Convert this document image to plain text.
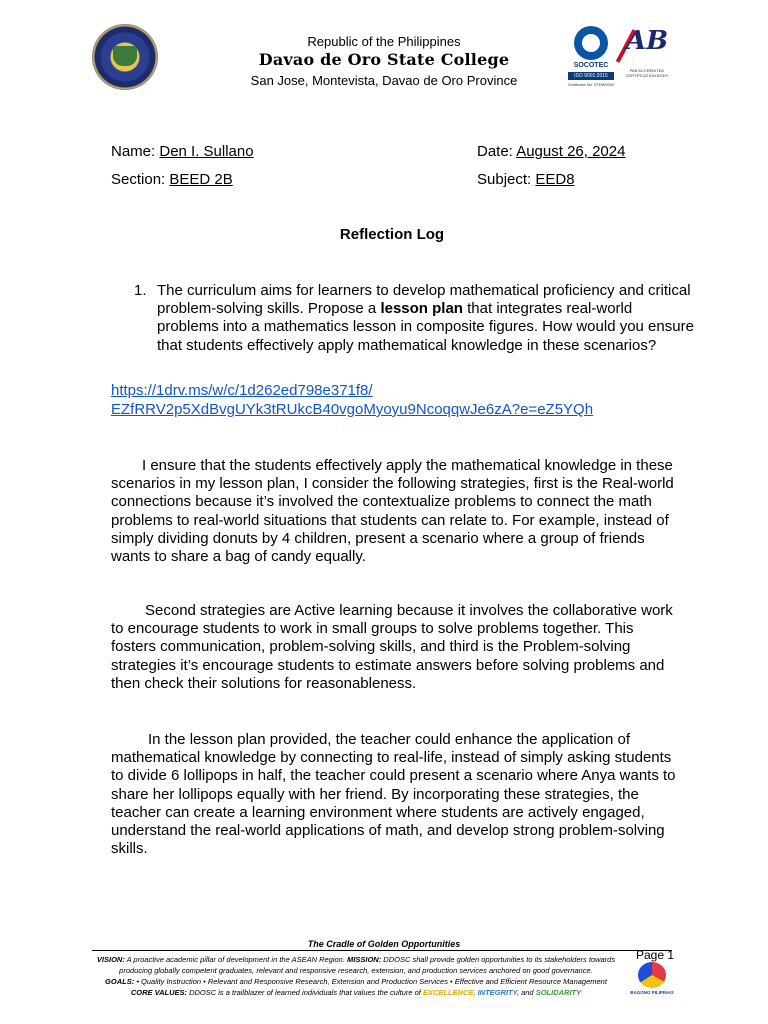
Republic of the Philippines
Davao de Oro State College
San Jose, Montevista, Davao de Oro Province
SOCOTEC
ISO 9001:2015
Certificate No. 9TDW0000
AB
PAB ACCREDITED
CERTIFICATION BODY
Name: Den I. Sullano	Date: August 26, 2024
Section: BEED 2B	Subject: EED8
Reflection Log
1. The curriculum aims for learners to develop mathematical proficiency and critical problem-solving skills. Propose a lesson plan that integrates real-world problems into a mathematics lesson in composite figures. How would you ensure that students effectively apply mathematical knowledge in these scenarios?
https://1drv.ms/w/c/1d262ed798e371f8/
EZfRRV2p5XdBvgUYk3tRUkcB40vgoMyoyu9NcoqqwJe6zA?e=eZ5YQh
I ensure that the students effectively apply the mathematical knowledge in these scenarios in my lesson plan, I consider the following strategies, first is the Real-world connections because it’s involved the contextualize problems to connect the math problems to real-world situations that students can relate to. For example, instead of simply dividing donuts by 4 children, present a scenario where a group of friends wants to share a bag of candy equally.
Second strategies are Active learning because it involves the collaborative work to encourage students to work in small groups to solve problems together. This fosters communication, problem-solving skills, and third is the Problem-solving strategies it’s encourage students to estimate answers before solving problems and then check their solutions for reasonableness.
In the lesson plan provided, the teacher could enhance the application of mathematical knowledge by connecting to real-life, instead of simply asking students to divide 6 lollipops in half, the teacher could present a scenario where Anya wants to share her lollipops equally with her friend. By incorporating these strategies, the teacher can create a learning environment where students are actively engaged, understand the real-world applications of math, and develop strong problem-solving skills.
The Cradle of Golden Opportunities
VISION: A proactive academic pillar of development in the ASEAN Region. MISSION: DDOSC shall provide golden opportunities to its stakeholders towards producing globally competent graduates, relevant and responsive research, extension, and production services anchored on good governance.
GOALS: • Quality Instruction • Relevant and Responsive Research, Extension and Production Services • Effective and Efficient Resource Management
CORE VALUES: DDOSC is a trailblazer of learned individuals that values the culture of EXCELLENCE, INTEGRITY, and SOLIDARITY
Page 1
BAGONG PILIPINAS
